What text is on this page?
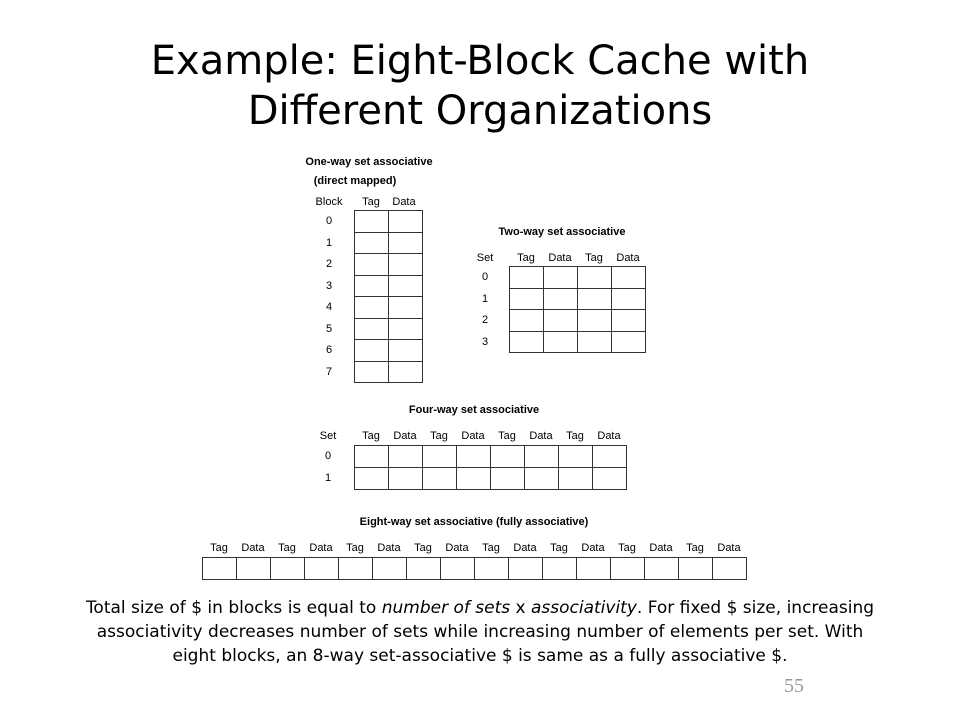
Example: Eight-Block Cache with
Different Organizations
One-way set associative
(direct mapped)
Block Tag Data
0
1
2
3
4
5
6
7
Two-way set associative
Set Tag Data Tag Data
0
1
2
3
Four-way set associative
Set Tag Data Tag Data Tag Data Tag Data
0
1
Eight-way set associative (fully associative)
Tag Data Tag Data Tag Data Tag Data Tag Data Tag Data Tag Data Tag Data
Total size of $ in blocks is equal to number of sets x associativity. For fixed $ size, increasing
associativity decreases number of sets while increasing number of elements per set. With
eight blocks, an 8-way set-associative $ is same as a fully associative $.
55
